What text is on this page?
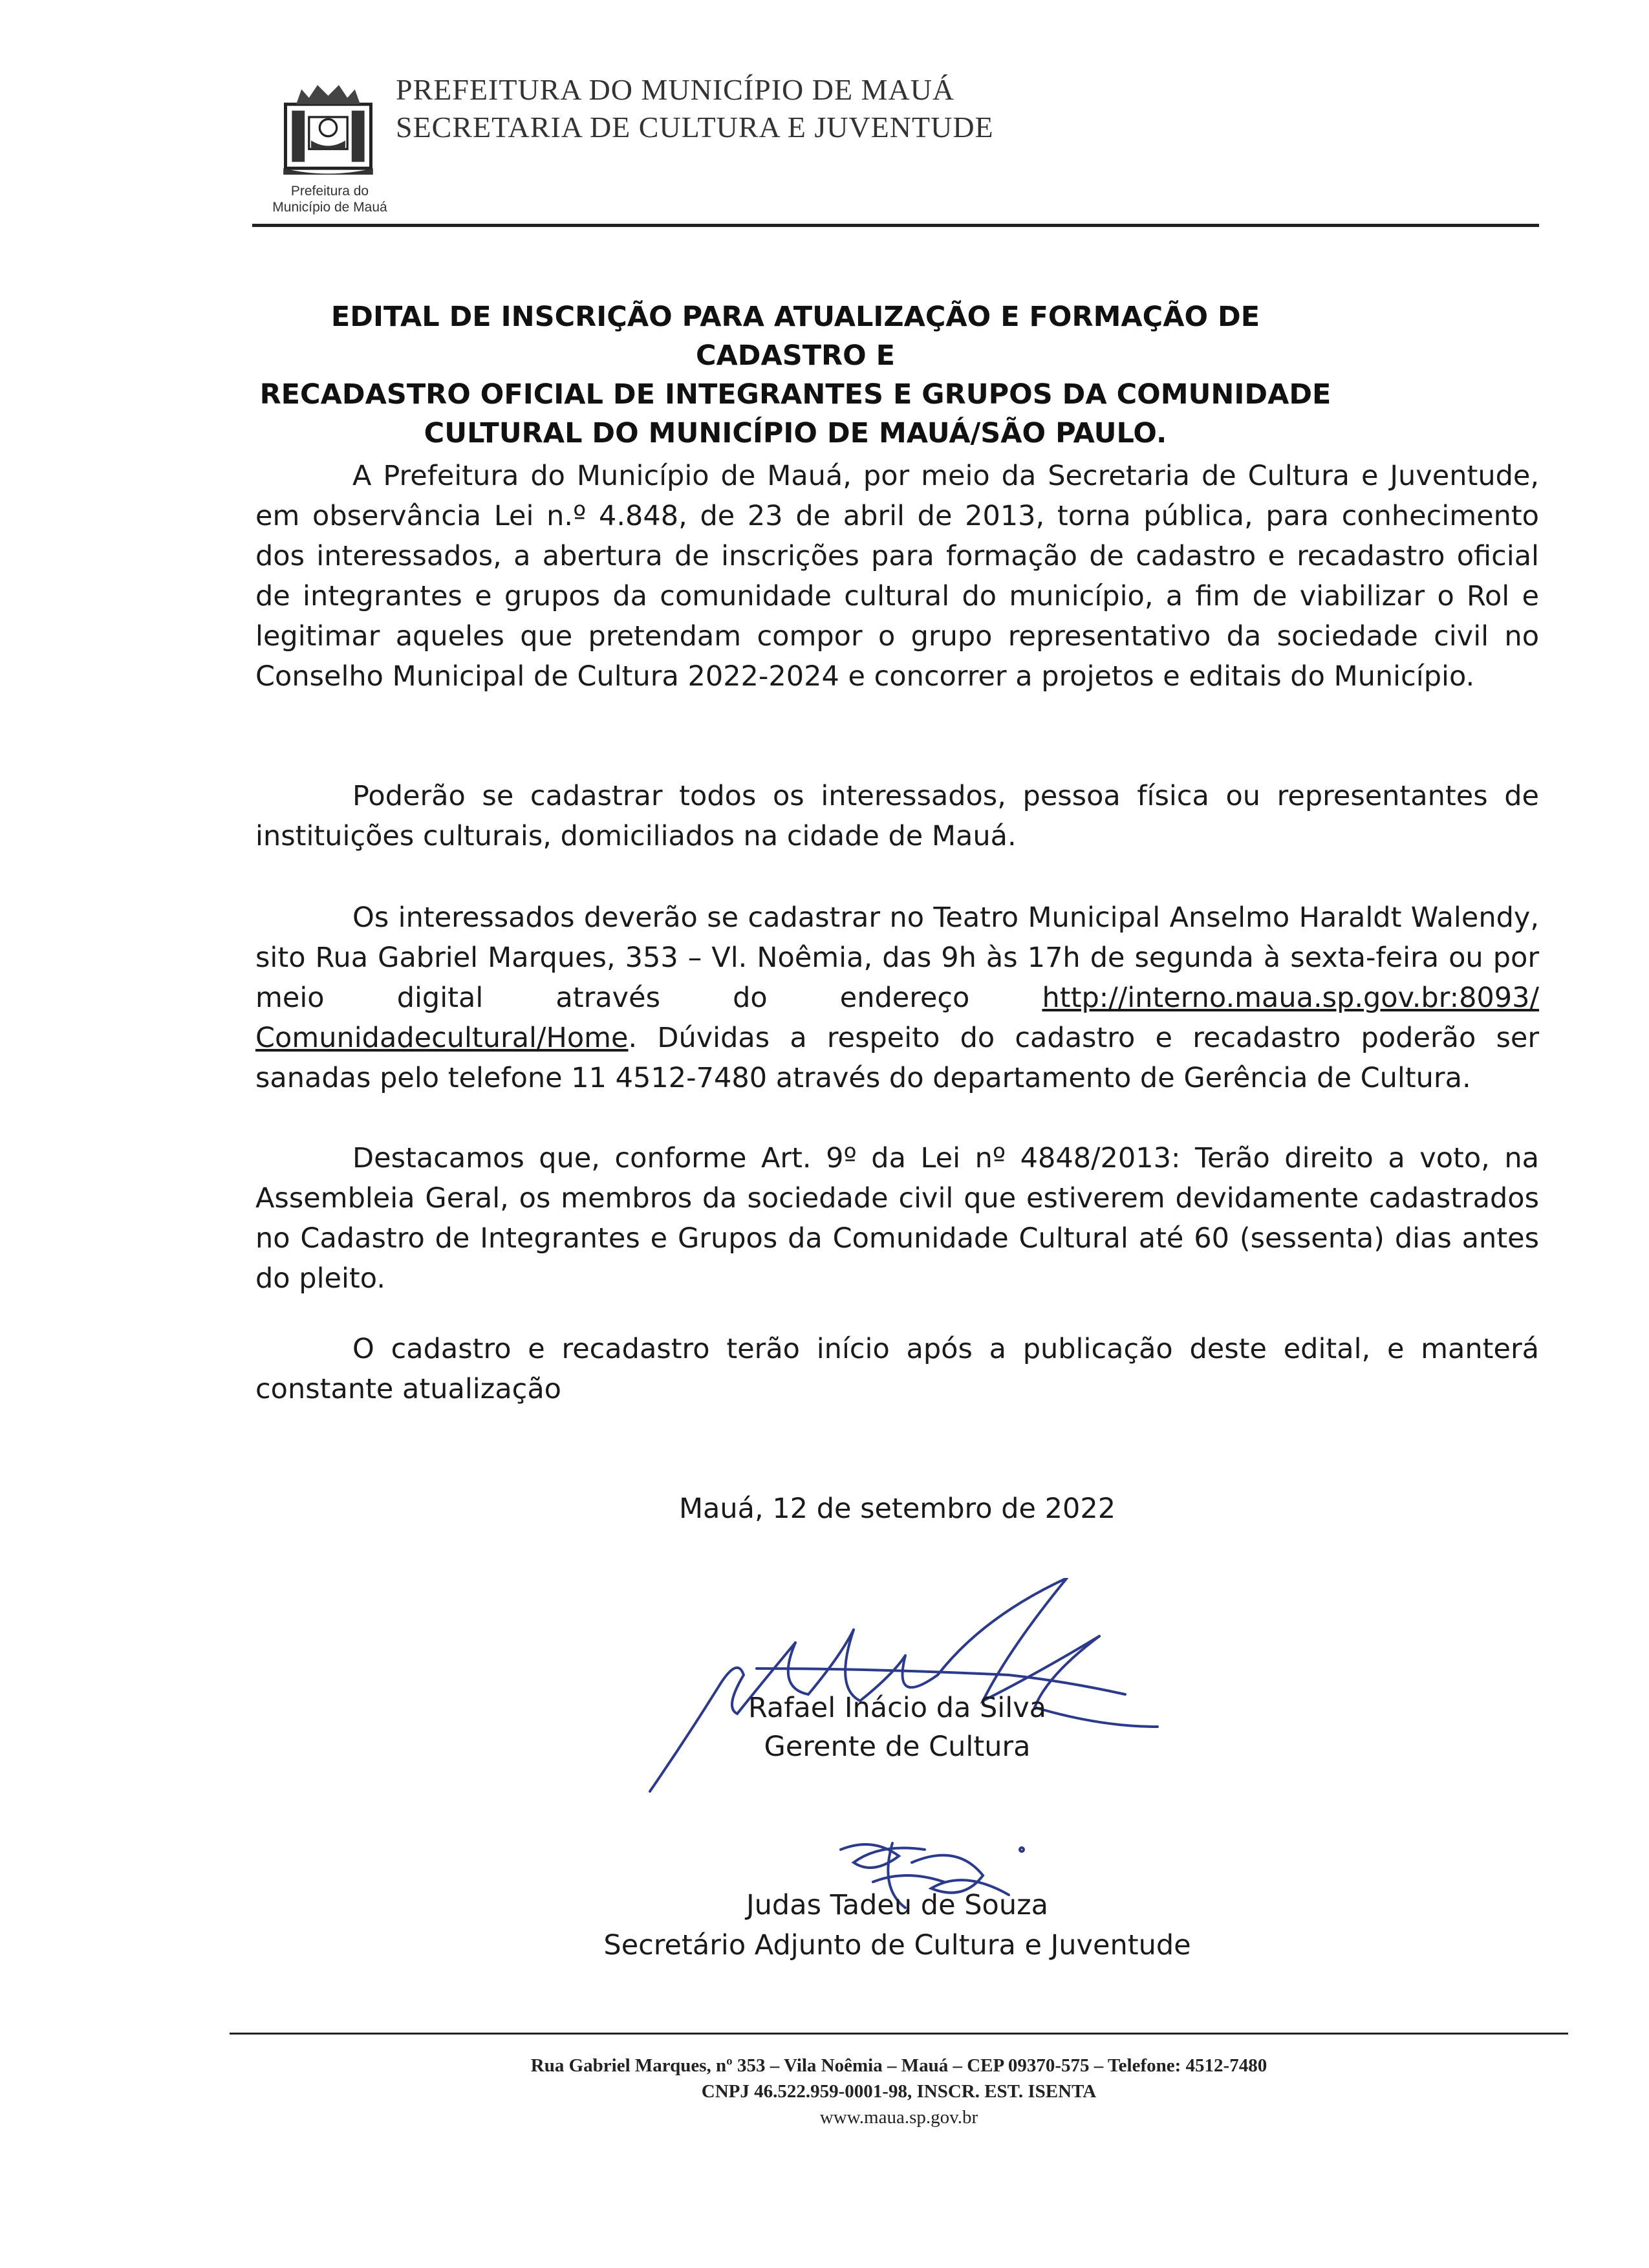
Prefeitura do
Município de Mauá
PREFEITURA DO MUNICÍPIO DE MAUÁ
SECRETARIA DE CULTURA E JUVENTUDE
EDITAL DE INSCRIÇÃO PARA ATUALIZAÇÃO E FORMAÇÃO DE CADASTRO E
RECADASTRO OFICIAL DE INTEGRANTES E GRUPOS DA COMUNIDADE
CULTURAL DO MUNICÍPIO DE MAUÁ/SÃO PAULO.
A Prefeitura do Município de Mauá, por meio da Secretaria de Cultura e Juventude, em observância Lei n.º 4.848, de 23 de abril de 2013, torna pública, para conhecimento dos interessados, a abertura de inscrições para formação de cadastro e recadastro oficial de integrantes e grupos da comunidade cultural do município, a fim de viabilizar o Rol e legitimar aqueles que pretendam compor o grupo representativo da sociedade civil no Conselho Municipal de Cultura 2022-2024 e concorrer a projetos e editais do Município.
Poderão se cadastrar todos os interessados, pessoa física ou representantes de instituições culturais, domiciliados na cidade de Mauá.
Os interessados deverão se cadastrar no Teatro Municipal Anselmo Haraldt Walendy, sito Rua Gabriel Marques, 353 – Vl. Noêmia, das 9h às 17h de segunda à sexta-feira ou por meio digital através do endereço http://interno.maua.sp.gov.br:8093/ Comunidadecultural/Home. Dúvidas a respeito do cadastro e recadastro poderão ser sanadas pelo telefone 11 4512-7480 através do departamento de Gerência de Cultura.
Destacamos que, conforme Art. 9º da Lei nº 4848/2013: Terão direito a voto, na Assembleia Geral, os membros da sociedade civil que estiverem devidamente cadastrados no Cadastro de Integrantes e Grupos da Comunidade Cultural até 60 (sessenta) dias antes do pleito.
O cadastro e recadastro terão início após a publicação deste edital, e manterá constante atualização
Mauá, 12 de setembro de 2022
Rafael Inácio da Silva
Gerente de Cultura
Judas Tadeu de Souza
Secretário Adjunto de Cultura e Juventude
Rua Gabriel Marques, nº 353 – Vila Noêmia – Mauá – CEP 09370-575 – Telefone: 4512-7480
CNPJ 46.522.959-0001-98, INSCR. EST. ISENTA
www.maua.sp.gov.br
